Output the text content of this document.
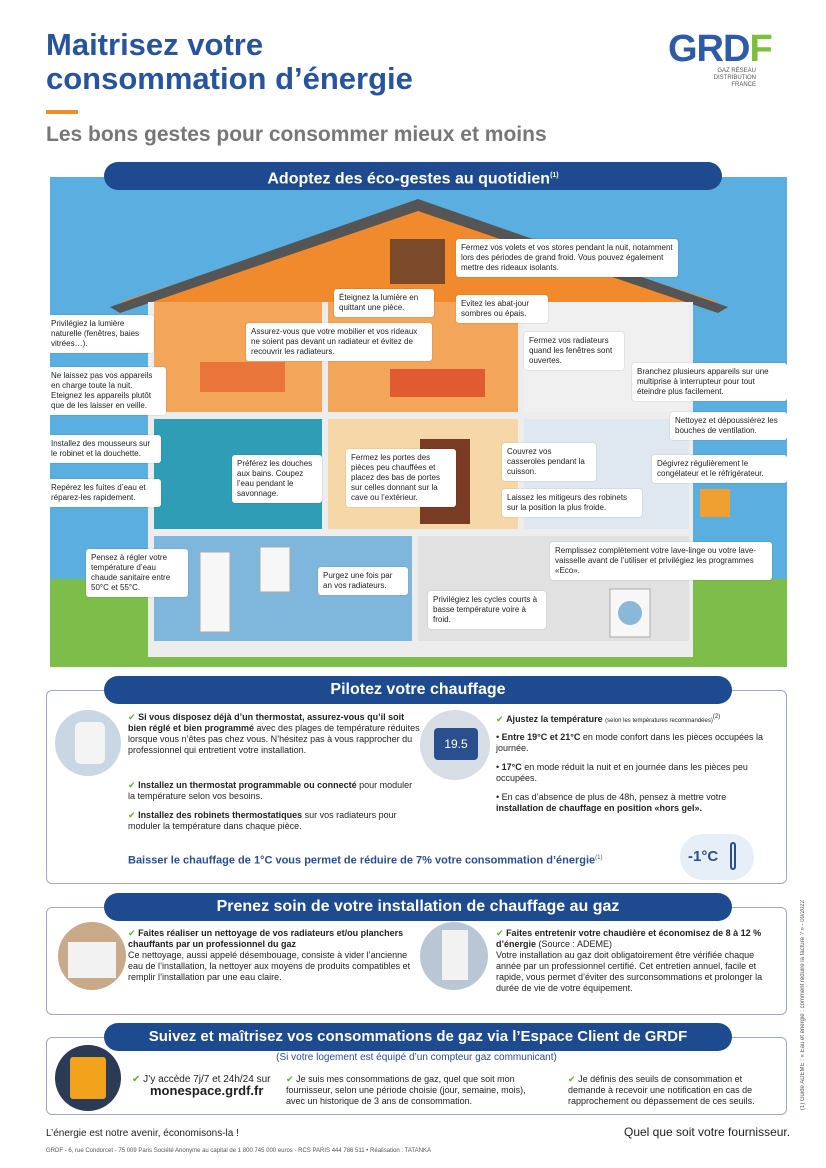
Maitrisez votre
consommation d’énergie
Les bons gestes pour consommer mieux et moins
GRDF
GAZ RÉSEAU DISTRIBUTION FRANCE
Fermez vos volets et vos stores pendant la nuit, notamment lors des périodes de grand froid. Vous pouvez également mettre des rideaux isolants.
Éteignez la lumière en quittant une pièce.	Evitez les abat-jour sombres ou épais.
Privilégiez la lumière naturelle (fenêtres, baies vitrées…).
Assurez-vous que votre mobilier et vos rideaux ne soient pas devant un radiateur et évitez de recouvrir les radiateurs.
Fermez vos radiateurs quand les fenêtres sont ouvertes.
Branchez plusieurs appareils sur une multiprise à interrupteur pour tout éteindre plus facilement.
Ne laissez pas vos appareils en charge toute la nuit. Eteignez les appareils plutôt que de les laisser en veille.
Nettoyez et dépoussiérez les bouches de ventilation.
Installez des mousseurs sur le robinet et la douchette.
Préférez les douches aux bains. Coupez l’eau pendant le savonnage.
Fermez les portes des pièces peu chauffées et placez des bas de portes sur celles donnant sur la cave ou l’extérieur.
Couvrez vos casseroles pendant la cuisson.
Dégivrez régulièrement le congélateur et le réfrigérateur.
Repérez les fuites d’eau et réparez-les rapidement.	Laissez les mitigeurs des robinets sur la position la plus froide.
Pensez à régler votre température d’eau chaude sanitaire entre 50°C et 55°C.
Remplissez complètement votre lave-linge ou votre lave-vaisselle avant de l’utiliser et privilégiez les programmes «Eco».
Purgez une fois par an vos radiateurs.
Privilégiez les cycles courts à basse température voire à froid.
Adoptez des éco-gestes au quotidien$^{(1)}$
Pilotez votre chauffage
✔ Si vous disposez déjà d’un thermostat, assurez-vous qu’il soit bien réglé et bien programmé avec des plages de température réduites lorsque vous n’êtes pas chez vous. N’hésitez pas à vous rapprocher du professionnel qui entretient votre installation.
✔ Installez un thermostat programmable ou connecté pour moduler la température selon vos besoins.
✔ Installez des robinets thermostatiques sur vos radiateurs pour moduler la température dans chaque pièce.
19.5
✔ Ajustez la température (selon les températures recommandées)$^{(2)}$
• Entre 19°C et 21°C en mode confort dans les pièces occupées la journée.
• 17°C en mode réduit la nuit et en journée dans les pièces peu occupées.
• En cas d’absence de plus de 48h, pensez à mettre votre installation de chauffage en position «hors gel».
Baisser le chauffage de 1°C vous permet de réduire de 7% votre consommation d’énergie$^{(1)}$	-1°C
Prenez soin de votre installation de chauffage au gaz
✔ Faites réaliser un nettoyage de vos radiateurs et/ou planchers chauffants par un professionnel du gaz
Ce nettoyage, aussi appelé désembouage, consiste à vider l’ancienne eau de l’installation, la nettoyer aux moyens de produits compatibles et remplir l’installation par une eau claire.
✔ Faites entretenir votre chaudière et économisez de 8 à 12 % d’énergie (Source : ADEME)
Votre installation au gaz doit obligatoirement être vérifiée chaque année par un professionnel certifié. Cet entretien annuel, facile et rapide, vous permet d’éviter des surconsommations et prolonger la durée de vie de votre équipement.
Suivez et maîtrisez vos consommations de gaz via l’Espace Client de GRDF
(Si votre logement est équipé d’un compteur gaz communicant)
✔ J’y accède 7j/7 et 24h/24 sur
monespace.grdf.fr
✔ Je suis mes consommations de gaz, quel que soit mon fournisseur, selon une période choisie (jour, semaine, mois), avec un historique de 3 ans de consommation.
✔ Je définis des seuils de consommation et demande à recevoir une notification en cas de rapprochement ou dépassement de ces seuils.
L’énergie est notre avenir, économisons-la !	Quel que soit votre fournisseur.
GRDF - 6, rue Condorcet - 75 009 Paris Société Anonyme au capital de 1 800 745 000 euros - RCS PARIS 444 786 511 • Réalisation : TATANKA
(1) Guide ADEME : « Eau et énergie : comment réduire la facture ? » - 09/2022
